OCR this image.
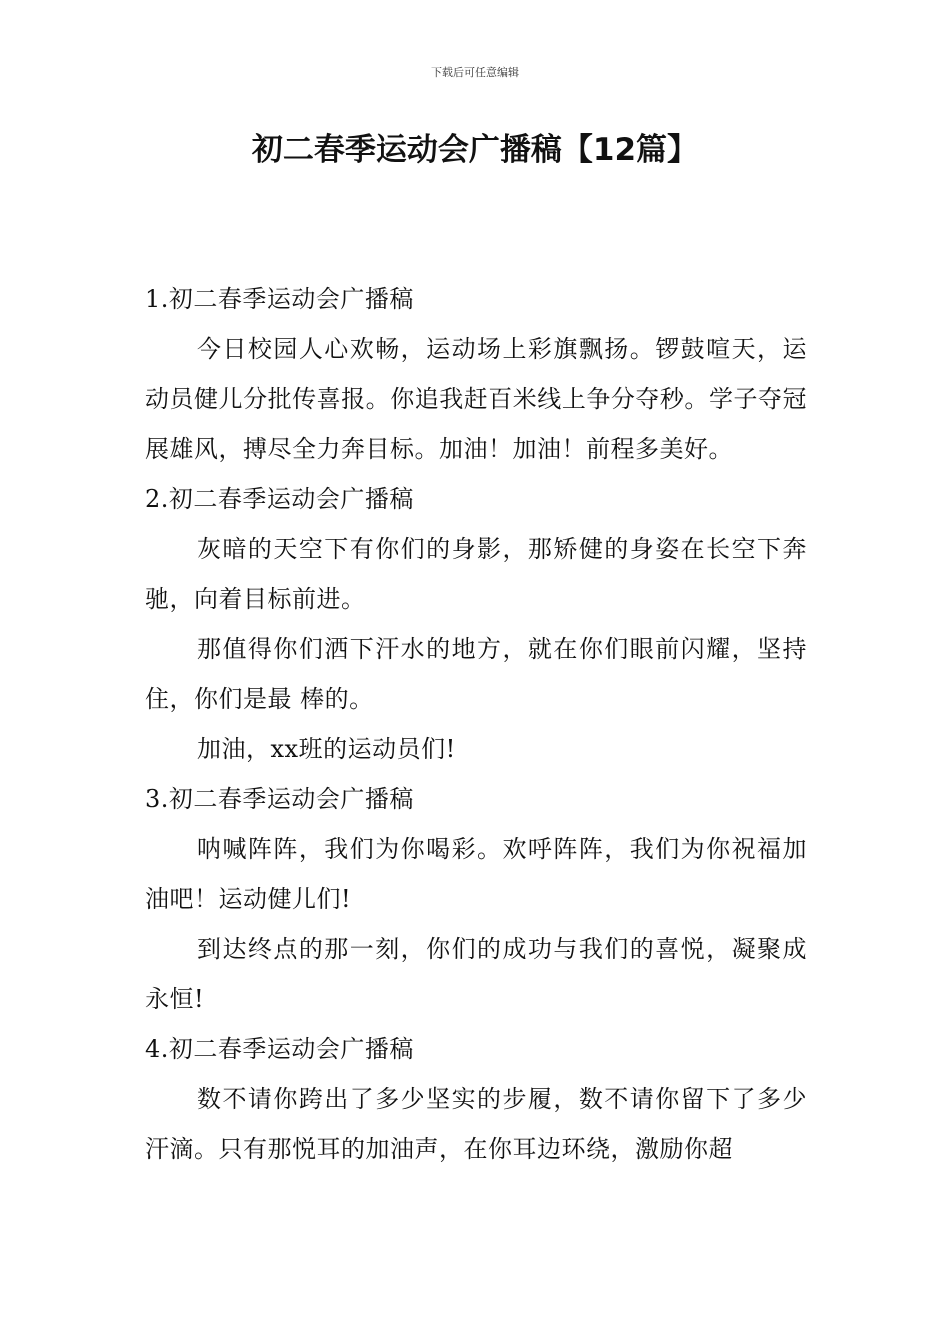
下载后可任意编辑
初二春季运动会广播稿【12篇】
1.初二春季运动会广播稿

今日校园人心欢畅，运动场上彩旗飘扬。锣鼓喧天，运动员健儿分批传喜报。你追我赶百米线上争分夺秒。学子夺冠展雄风，搏尽全力奔目标。加油！加油！前程多美好。

2.初二春季运动会广播稿

灰暗的天空下有你们的身影，那矫健的身姿在长空下奔驰，向着目标前进。

那值得你们洒下汗水的地方，就在你们眼前闪耀，坚持住，你们是最 棒的。

加油，xx班的运动员们!

3.初二春季运动会广播稿

呐喊阵阵，我们为你喝彩。欢呼阵阵，我们为你祝福加油吧！运动健儿们!

到达终点的那一刻，你们的成功与我们的喜悦，凝聚成永恒!

4.初二春季运动会广播稿

数不请你跨出了多少坚实的步履，数不请你留下了多少汗滴。只有那悦耳的加油声，在你耳边环绕，激励你超
